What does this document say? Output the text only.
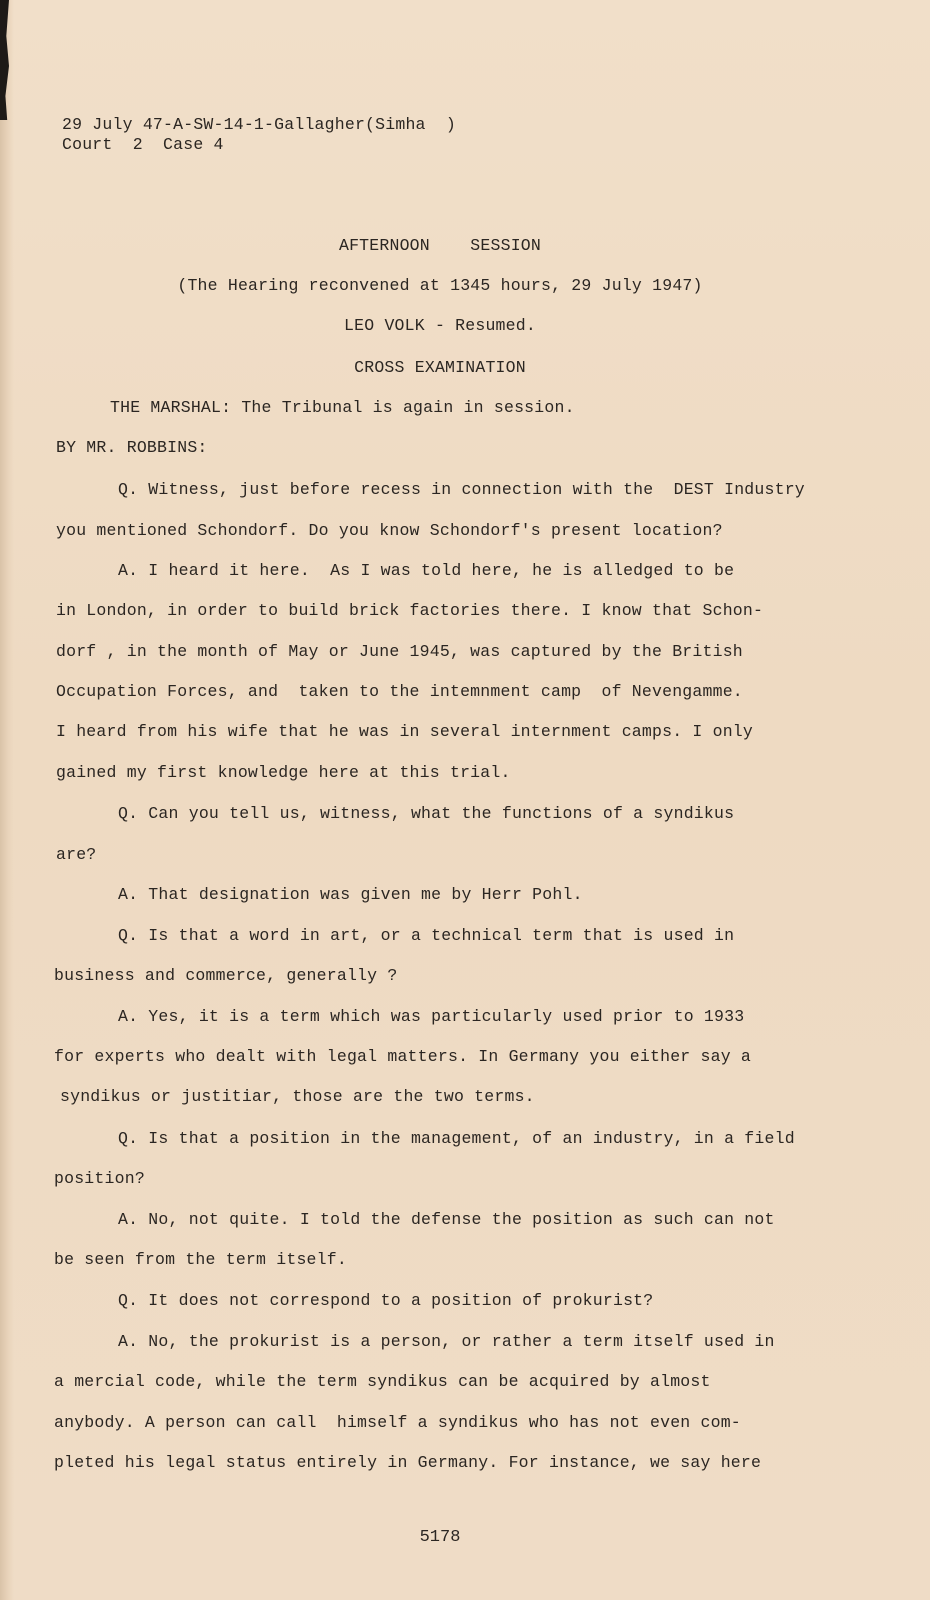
29 July 47-A-SW-14-1-Gallagher(Simha  )
Court  2  Case 4
AFTERNOON    SESSION
(The Hearing reconvened at 1345 hours, 29 July 1947)
LEO VOLK - Resumed.
CROSS EXAMINATION
THE MARSHAL: The Tribunal is again in session.
BY MR. ROBBINS:
Q. Witness, just before recess in connection with the  DEST Industry
you mentioned Schondorf. Do you know Schondorf's present location?
A. I heard it here.  As I was told here, he is alledged to be
in London, in order to build brick factories there. I know that Schon-
dorf , in the month of May or June 1945, was captured by the British
Occupation Forces, and  taken to the intemnment camp  of Nevengamme.
I heard from his wife that he was in several internment camps. I only
gained my first knowledge here at this trial.
Q. Can you tell us, witness, what the functions of a syndikus
are?
A. That designation was given me by Herr Pohl.
Q. Is that a word in art, or a technical term that is used in
business and commerce, generally ?
A. Yes, it is a term which was particularly used prior to 1933
for experts who dealt with legal matters. In Germany you either say a
syndikus or justitiar, those are the two terms.
Q. Is that a position in the management, of an industry, in a field
position?
A. No, not quite. I told the defense the position as such can not
be seen from the term itself.
Q. It does not correspond to a position of prokurist?
A. No, the prokurist is a person, or rather a term itself used in
a mercial code, while the term syndikus can be acquired by almost
anybody. A person can call  himself a syndikus who has not even com-
pleted his legal status entirely in Germany. For instance, we say here
5178
